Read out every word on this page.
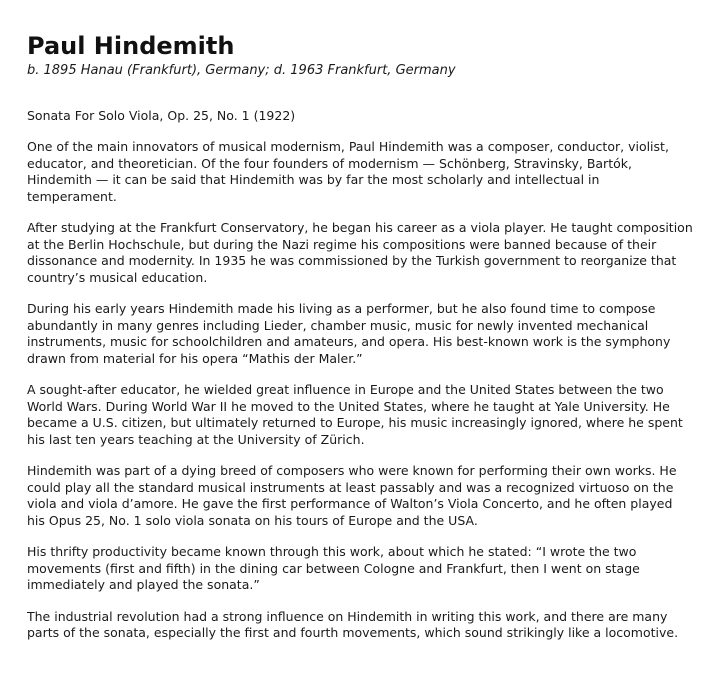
Paul Hindemith
b. 1895 Hanau (Frankfurt), Germany; d. 1963 Frankfurt, Germany

Sonata For Solo Viola, Op. 25, No. 1 (1922)

One of the main innovators of musical modernism, Paul Hindemith was a composer, conductor, violist, educator, and theoretician. Of the four founders of modernism — Schönberg, Stravinsky, Bartók, Hindemith — it can be said that Hindemith was by far the most scholarly and intellectual in temperament.

After studying at the Frankfurt Conservatory, he began his career as a viola player. He taught composition at the Berlin Hochschule, but during the Nazi regime his compositions were banned because of their dissonance and modernity. In 1935 he was commissioned by the Turkish government to reorganize that country’s musical education.

During his early years Hindemith made his living as a performer, but he also found time to compose abundantly in many genres including Lieder, chamber music, music for newly invented mechanical instruments, music for schoolchildren and amateurs, and opera. His best-known work is the symphony drawn from material for his opera “Mathis der Maler.”

A sought-after educator, he wielded great influence in Europe and the United States between the two World Wars. During World War II he moved to the United States, where he taught at Yale University. He became a U.S. citizen, but ultimately returned to Europe, his music increasingly ignored, where he spent his last ten years teaching at the University of Zürich.

Hindemith was part of a dying breed of composers who were known for performing their own works. He could play all the standard musical instruments at least passably and was a recognized virtuoso on the viola and viola d’amore. He gave the first performance of Walton’s Viola Concerto, and he often played his Opus 25, No. 1 solo viola sonata on his tours of Europe and the USA.

His thrifty productivity became known through this work, about which he stated: “I wrote the two movements (first and fifth) in the dining car between Cologne and Frankfurt, then I went on stage immediately and played the sonata.”

The industrial revolution had a strong influence on Hindemith in writing this work, and there are many parts of the sonata, especially the first and fourth movements, which sound strikingly like a locomotive.
